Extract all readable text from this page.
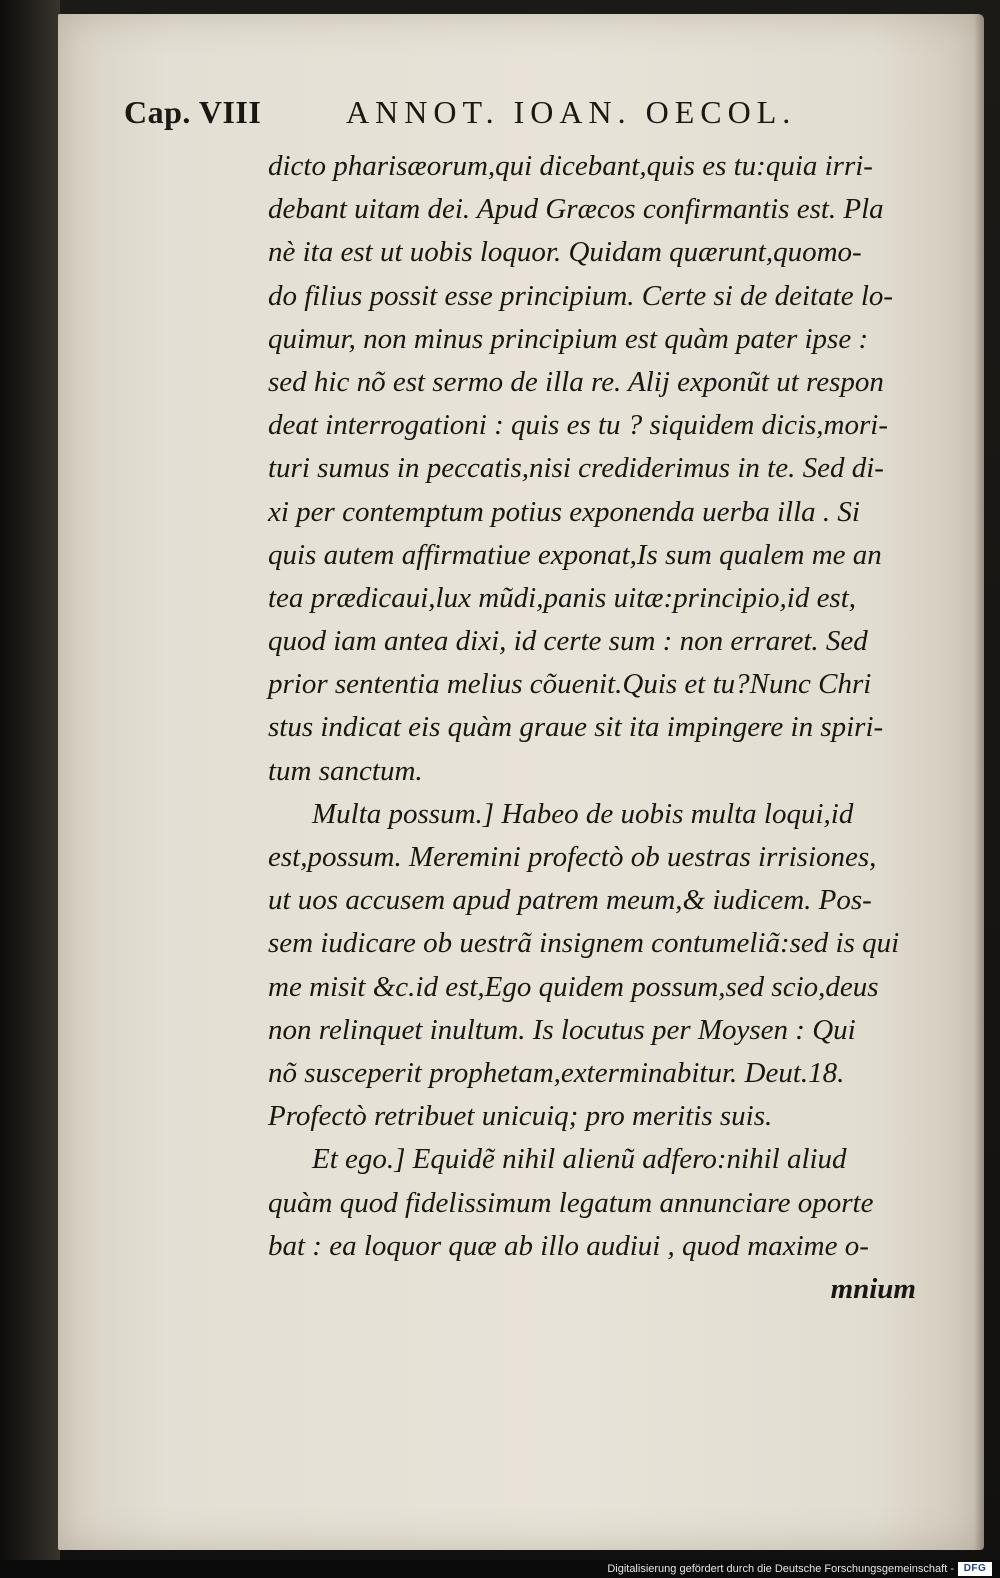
Cap. VIII	ANNOT. IOAN. OECOL.
dicto pharisæorum,qui dicebant,quis es tu:quia irri-
debant uitam dei. Apud Græcos confirmantis est. Pla
nè ita est ut uobis loquor. Quidam quærunt,quomo-
do filius possit esse principium. Certe si de deitate lo-
quimur, non minus principium est quàm pater ipse :
sed hic nõ est sermo de illa re. Alij exponũt ut respon
deat interrogationi : quis es tu ? siquidem dicis,mori-
turi sumus in peccatis,nisi crediderimus in te. Sed di-
xi per contemptum potius exponenda uerba illa . Si
quis autem affirmatiue exponat,Is sum qualem me an
tea prædicaui,lux mũdi,panis uitæ:principio,id est,
quod iam antea dixi, id certe sum : non erraret. Sed
prior sententia melius cõuenit.Quis et tu?Nunc Chri
stus indicat eis quàm graue sit ita impingere in spiri-
tum sanctum.
Multa possum.] Habeo de uobis multa loqui,id
est,possum. Meremini profectò ob uestras irrisiones,
ut uos accusem apud patrem meum,& iudicem. Pos-
sem iudicare ob uestrã insignem contumeliã:sed is qui
me misit &c.id est,Ego quidem possum,sed scio,deus
non relinquet inultum. Is locutus per Moysen : Qui
nõ susceperit prophetam,exterminabitur. Deut.18.
Profectò retribuet unicuiq; pro meritis suis.
Et ego.] Equidẽ nihil alienũ adfero:nihil aliud
quàm quod fidelissimum legatum annunciare oporte
bat : ea loquor quæ ab illo audiui , quod maxime o-
mnium
Digitalisierung gefördert durch die Deutsche Forschungsgemeinschaft - DFG
